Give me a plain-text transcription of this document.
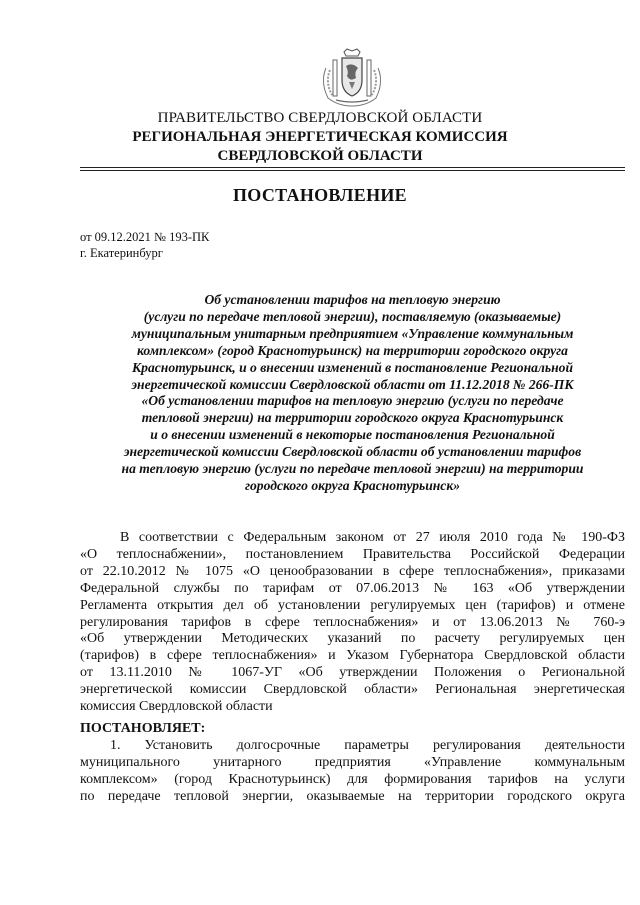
ПРАВИТЕЛЬСТВО СВЕРДЛОВСКОЙ ОБЛАСТИ
РЕГИОНАЛЬНАЯ ЭНЕРГЕТИЧЕСКАЯ КОМИССИЯ
СВЕРДЛОВСКОЙ ОБЛАСТИ
ПОСТАНОВЛЕНИЕ
от 09.12.2021 № 193-ПК
г. Екатеринбург
Об установлении тарифов на тепловую энергию
(услуги по передаче тепловой энергии), поставляемую (оказываемые)
муниципальным унитарным предприятием «Управление коммунальным
комплексом» (город Краснотурьинск) на территории городского округа
Краснотурьинск, и о внесении изменений в постановление Региональной
энергетической комиссии Свердловской области от 11.12.2018 № 266-ПК
«Об установлении тарифов на тепловую энергию (услуги по передаче
тепловой энергии) на территории городского округа Краснотурьинск
и о внесении изменений в некоторые постановления Региональной
энергетической комиссии Свердловской области об установлении тарифов
на тепловую энергию (услуги по передаче тепловой энергии) на территории
городского округа Краснотурьинск»
В соответствии с Федеральным законом от 27 июля 2010 года № 190-ФЗ
«О теплоснабжении», постановлением Правительства Российской Федерации
от 22.10.2012 № 1075 «О ценообразовании в сфере теплоснабжения», приказами
Федеральной службы по тарифам от 07.06.2013 № 163 «Об утверждении
Регламента открытия дел об установлении регулируемых цен (тарифов) и отмене
регулирования тарифов в сфере теплоснабжения» и от 13.06.2013 № 760-э
«Об утверждении Методических указаний по расчету регулируемых цен
(тарифов) в сфере теплоснабжения» и Указом Губернатора Свердловской области
от 13.11.2010 № 1067-УГ «Об утверждении Положения о Региональной
энергетической комиссии Свердловской области» Региональная энергетическая
комиссия Свердловской области
ПОСТАНОВЛЯЕТ:
1. Установить долгосрочные параметры регулирования деятельности
муниципального унитарного предприятия «Управление коммунальным
комплексом» (город Краснотурьинск) для формирования тарифов на услуги
по передаче тепловой энергии, оказываемые на территории городского округа
